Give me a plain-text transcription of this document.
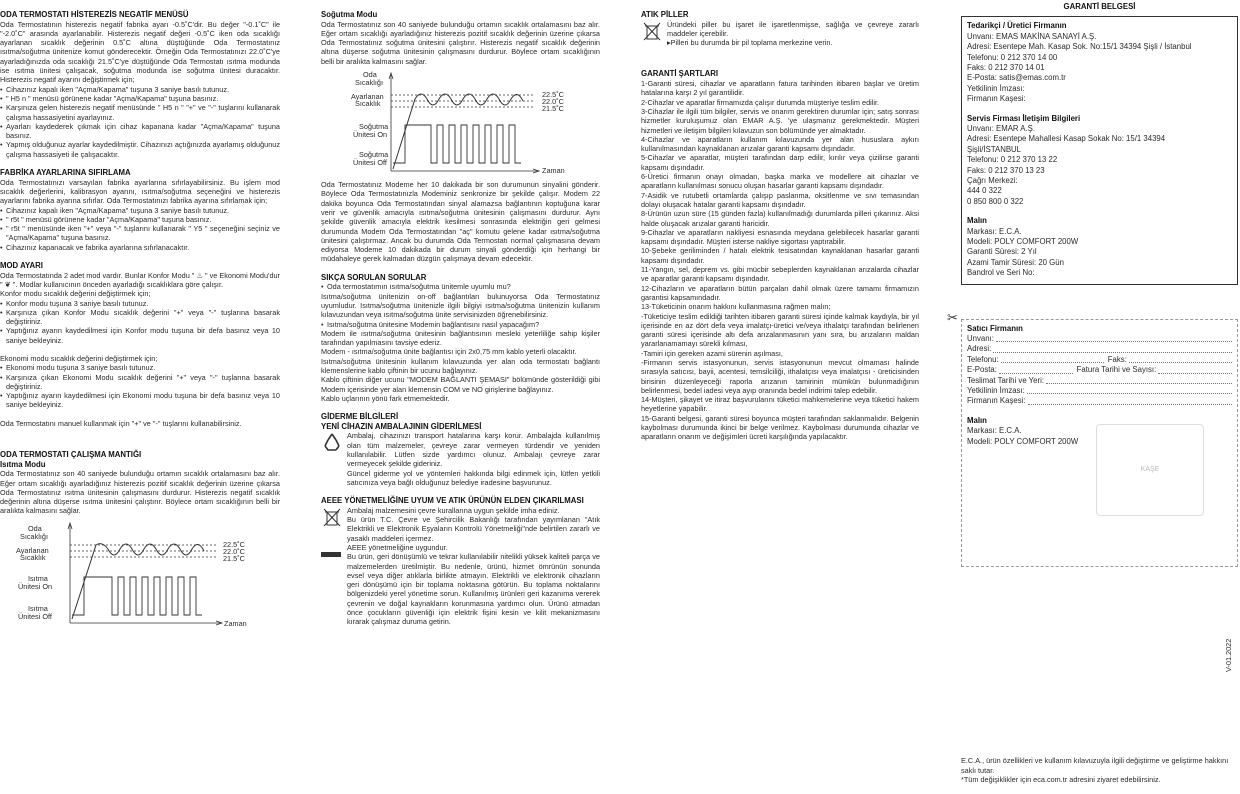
ODA TERMOSTATI HİSTEREZİS NEGATİF MENÜSÜ
Oda Termostatının histerezis negatif fabrika ayarı -0.5˚C'dir. Bu değer "-0.1˚C" ile "-2.0˚C" arasında ayarlanabilir. Histerezis negatif değeri -0.5˚C iken oda sıcaklığı ayarlanan sıcaklık değerinin 0.5˚C altına düştüğünde Oda Termostatınız ısıtma/soğutma ünitenize komut gönderecektir. Örneğin Oda Termostatınızı 22.0˚C'ye ayarladığınızda oda sıcaklığı 21.5˚C'ye düştüğünde Oda Termostatı ısıtma modunda ise ısıtma ünitesi çalışacak, soğutma modunda ise soğutma ünitesi duracaktır. Histerezis negatif ayarını değiştirmek için;
• Cihazınız kapalı iken "Açma/Kapama" tuşuna 3 saniye basılı tutunuz.
• " H5 n " menüsü görünene kadar "Açma/Kapama" tuşuna basınız.
• Karşınıza gelen histerezis negatif menüsünde " H5 n " "+" ve "-" tuşlarını kullanarak çalışma hassasiyetini ayarlayınız.
• Ayarları kaydederek çıkmak için cihaz kapanana kadar "Açma/Kapama" tuşuna basınız.
• Yapmış olduğunuz ayarlar kaydedilmiştir. Cihazınızı açtığınızda ayarlamış olduğunuz çalışma hassasiyeti ile çalışacaktır.
FABRİKA AYARLARINA SIFIRLAMA
Oda Termostatınızı varsayılan fabrika ayarlarına sıfırlayabilirsiniz. Bu işlem mod sıcaklık değerlerini, kalibrasyon ayarını, ısıtma/soğutma seçeneğini ve histerezis ayarlarını fabrika ayarına sıfırlar. Oda Termostatınızı fabrika ayarına sıfırlamak için;
• Cihazınız kapalı iken "Açma/Kapama" tuşuna 3 saniye basılı tutunuz.
• " r5t " menüsü görünene kadar "Açma/Kapama" tuşuna basınız.
• " r5t " menüsünde iken "+" veya "-" tuşlarını kullanarak " Y5 " seçeneğini seçiniz ve "Açma/Kapama" tuşuna basınız.
• Cihazınız kapanacak ve fabrika ayarlarına sıfırlanacaktır.
MOD AYARI
Oda Termostatında 2 adet mod vardır. Bunlar Konfor Modu " ♨ " ve Ekonomi Modu'dur " ❦ ". Modlar kullanıcının önceden ayarladığı sıcaklıklara göre çalışır.
Konfor modu sıcaklık değerini değiştirmek için;
• Konfor modu tuşuna 3 saniye basılı tutunuz.
• Karşınıza çıkan Konfor Modu sıcaklık değerini "+" veya "-" tuşlarına basarak değiştiriniz.
• Yaptığınız ayarın kaydedilmesi için Konfor modu tuşuna bir defa basınız veya 10 saniye bekleyiniz.
Ekonomi modu sıcaklık değerini değiştirmek için;
• Ekonomi modu tuşuna 3 saniye basılı tutunuz.
• Karşınıza çıkan Ekonomi Modu sıcaklık değerini "+" veya "-" tuşlarına basarak değiştiriniz.
• Yaptığınız ayarın kaydedilmesi için Ekonomi modu tuşuna bir defa basınız veya 10 saniye bekleyiniz.
Oda Termostatını manuel kullanmak için "+" ve "-" tuşlarını kullanabilirsiniz.
ODA TERMOSTATI ÇALIŞMA MANTIĞI
Isıtma Modu
Oda Termostatınız son 40 saniyede bulunduğu ortamın sıcaklık ortalamasını baz alır. Eğer ortam sıcaklığı ayarladığınız histerezis pozitif sıcaklık değerinin üzerine çıkarsa Oda Termostatınız ısıtma ünitesinin çalışmasını durdurur. Histerezis negatif sıcaklık değerinin altına düşerse ısıtma ünitesini çalıştırır. Böylece ortam sıcaklığının belli bir aralıkta kalmasını sağlar.
Oda
Sıcaklığı
Ayarlanan
Sıcaklık
22.5˚C
22.0˚C
21.5˚C
Isıtma
Ünitesi On
Isıtma
Ünitesi Off
Zaman
Soğutma Modu
Oda Termostatınız son 40 saniyede bulunduğu ortamın sıcaklık ortalamasını baz alır. Eğer ortam sıcaklığı ayarladığınız histerezis pozitif sıcaklık değerinin üzerine çıkarsa Oda Termostatınız soğutma ünitesini çalıştırır. Histerezis negatif sıcaklık değerinin altına düşerse soğutma ünitesinin çalışmasını durdurur. Böylece ortam sıcaklığının belli bir aralıkta kalmasını sağlar.
Oda
Sıcaklığı
Ayarlanan
Sıcaklık
22.5˚C
22.0˚C
21.5˚C
Soğutma
Ünitesi On
Soğutma
Ünitesi Off
Zaman
Oda Termostatınız Modeme her 10 dakikada bir son durumunun sinyalini gönderir. Böylece Oda Termostatınızla Modeminiz senkronize bir şekilde çalışır. Modem 22 dakika boyunca Oda Termostatından sinyal alamazsa bağlantının koptuğuna karar verir ve güvenlik amacıyla ısıtma/soğutma ünitesinin çalışmasını durdurur. Aynı şekilde güvenlik amacıyla elektrik kesilmesi sonrasında elektriğin geri gelmesi durumunda Modem Oda Termostatından "aç" komutu gelene kadar ısıtma/soğutma ünitesini çalıştırmaz. Ancak bu durumda Oda Termostatı normal çalışmasına devam ediyorsa Modeme 10 dakikada bir durum sinyali gönderdiği için herhangi bir müdahaleye gerek kalmadan düzgün çalışmaya devam edecektir.
SIKÇA SORULAN SORULAR
• Oda termostatımın ısıtma/soğutma ünitemle uyumlu mu?
Isıtma/soğutma ünitenizin on-off bağlantıları bulunuyorsa Oda Termostatınız uyumludur. Isıtma/soğutma ünitenizle ilgili bilgiyi ısıtma/soğutma ünitenizin kullanım kılavuzundan veya ısıtma/soğutma ünite servisinizden öğrenebilirsiniz.
• Isıtma/soğutma ünitesine Modemin bağlantısını nasıl yapacağım?
Modem ile ısıtma/soğutma ünitesinin bağlantısının mesleki yeterliliğe sahip kişiler tarafından yapılmasını tavsiye ederiz.
Modem - ısıtma/soğutma ünite bağlantısı için 2x0,75 mm kablo yeterli olacaktır.
Isıtma/soğutma ünitesinin kullanım kılavuzunda yer alan oda termostatı bağlantı klemenslerine kablo çiftinin bir ucunu bağlayınız.
Kablo çiftinin diğer ucunu "MODEM BAĞLANTI ŞEMASI" bölümünde gösterildiği gibi Modem içerisinde yer alan klemensin COM ve NO girişlerine bağlayınız.
Kablo uçlarının yönü fark etmemektedir.
GİDERME BİLGİLERİ
YENİ CİHAZIN AMBALAJININ GİDERİLMESİ
Ambalaj, cihazınızı transport hatalarına karşı korur. Ambalajda kullanılmış olan tüm malzemeler, çevreye zarar vermeyen türdendir ve yeniden kullanılabilir. Lütfen sizde yardımcı olunuz. Ambalajı çevreye zarar vermeyecek şekilde gideriniz.
Güncel giderme yol ve yöntemleri hakkında bilgi edinmek için, lütfen yetkili satıcınıza veya bağlı olduğunuz belediye iradesine başvurunuz.
AEEE YÖNETMELİĞİNE UYUM VE ATIK ÜRÜNÜN ELDEN ÇIKARILMASI
Ambalaj malzemesini çevre kurallarına uygun şekilde imha ediniz.
Bu ürün T.C. Çevre ve Şehircilik Bakanlığı tarafından yayımlanan "Atık Elektrikli ve Elektronik Eşyaların Kontrolü Yönetmeliği"nde belirtilen zararlı ve yasaklı maddeleri içermez.
AEEE yönetmeliğine uygundur.
Bu ürün, geri dönüşümlü ve tekrar kullanılabilir nitelikli yüksek kaliteli parça ve malzemelerden üretilmiştir. Bu nedenle, ürünü, hizmet ömrünün sonunda evsel veya diğer atıklarla birlikte atmayın. Elektrikli ve elektronik cihazların geri dönüşümü için bir toplama noktasına götürün. Bu toplama noktalarını bölgenizdeki yerel yönetime sorun. Kullanılmış ürünleri geri kazanıma vererek çevrenin ve doğal kaynakların korunmasına yardımcı olun. Ürünü atmadan önce çocukların güvenliği için elektrik fişini kesin ve kilit mekanizmasını kırarak çalışmaz duruma getirin.
ATIK PİLLER
Üründeki piller bu işaret ile işaretlenmişse, sağlığa ve çevreye zararlı maddeler içerebilir.
▸Pilleri bu durumda bir pil toplama merkezine verin.
GARANTİ ŞARTLARI
1-Garanti süresi, cihazlar ve aparatların fatura tarihinden itibaren başlar ve üretim hatalarına karşı 2 yıl garantilidir.
2-Cihazlar ve aparatlar firmamızda çalışır durumda müşteriye teslim edilir.
3-Cihazlar ile ilgili tüm bilgiler, servis ve onarım gerektiren durumlar için; satış sonrası hizmetler kuruluşumuz olan EMAR A.Ş. 'ye ulaşmanız gerekmektedir. Müşteri hizmetleri ve iletişim bilgileri kılavuzun son bölümünde yer almaktadır.
4-Cihazlar ve aparatların kullanım kılavuzunda yer alan hususlara aykırı kullanılmasından kaynaklanan arızalar garanti kapsamı dışındadır.
5-Cihazlar ve aparatlar, müşteri tarafından darp edilir, kırılır veya çizilirse garanti kapsamı dışındadır.
6-Üretici firmanın onayı olmadan, başka marka ve modellere ait cihazlar ve aparatların kullanılması sonucu oluşan hasarlar garanti kapsamı dışındadır.
7-Asidik ve rutubetli ortamlarda çalışıp paslanma, oksitlenme ve sıvı temasından dolayı oluşacak hatalar garanti kapsamı dışındadır.
8-Ürünün uzun süre (15 günden fazla) kullanılmadığı durumlarda pilleri çıkarınız. Aksi halde oluşacak arızalar garanti haricidir.
9-Cihazlar ve aparatların nakliyesi esnasında meydana gelebilecek hasarlar garanti kapsamı dışındadır. Müşteri isterse nakliye sigortası yaptırabilir.
10-Şebeke geriliminden / hatalı elektrik tesisatından kaynaklanan hasarlar garanti kapsamı dışındadır.
11-Yangın, sel, deprem vs. gibi mücbir sebeplerden kaynaklanan arızalarda cihazlar ve aparatlar garanti kapsamı dışındadır.
12-Cihazların ve aparatların bütün parçaları dahil olmak üzere tamamı firmamızın garantisi kapsamındadır.
13-Tüketicinin onarım hakkını kullanmasına rağmen malın;
-Tüketiciye teslim edildiği tarihten itibaren garanti süresi içinde kalmak kaydıyla, bir yıl içerisinde en az dört defa veya imalatçı-üretici ve/veya ithalatçı tarafından belirlenen garanti süresi içerisinde altı defa arızalanmasının yanı sıra, bu arızaların maldan yararlanamamayı sürekli kılması,
-Tamiri için gereken azami sürenin aşılması,
-Firmanın servis istasyonunun, servis istasyonunun mevcut olmaması halinde sırasıyla satıcısı, bayii, acentesi, temsilciliği, ithalatçısı veya imalatçısı - üreticisinden birisinin düzenleyeceği raporla arızanın tamirinin mümkün bulunmadığının belirlenmesi, bedel iadesi veya ayıp oranında bedel indirimi talep edebilir.
14-Müşteri, şikayet ve itiraz başvurularını tüketici mahkemelerine veya tüketici hakem heyetlerine yapabilir.
15-Garanti belgesi, garanti süresi boyunca müşteri tarafından saklanmalıdır. Belgenin kaybolması durumunda ikinci bir belge verilmez. Kaybolması durumunda cihazlar ve aparatların onarım ve değişimleri ücreti karşılığında yapılacaktır.
GARANTİ BELGESİ
Tedarikçi / Üretici Firmanın
Unvanı: EMAS MAKİNA SANAYİ A.Ş.
Adresi: Esentepe Mah. Kasap Sok. No:15/1 34394 Şişli / İstanbul
Telefonu: 0 212 370 14 00
Faks: 0 212 370 14 01
E-Posta: satis@emas.com.tr
Yetkilinin İmzası:
Firmanın Kaşesi:
Servis Firması İletişim Bilgileri
Unvanı: EMAR A.Ş.
Adresi: Esentepe Mahallesi Kasap Sokak No: 15/1 34394
Şişli/İSTANBUL
Telefonu: 0 212 370 13 22
Faks: 0 212 370 13 23
Çağrı Merkezi:
444 0 322
0 850 800 0 322
Malın
Markası: E.C.A.
Modeli: POLY COMFORT 200W
Garanti Süresi: 2 Yıl
Azami Tamir Süresi: 20 Gün
Bandrol ve Seri No:
✂
Satıcı Firmanın
Unvanı:
Adresi:
Telefonu:	Faks:
E-Posta:	Fatura Tarihi ve Sayısı:
Teslimat Tarihi ve Yeri:
Yetkilinin İmzası:
Firmanın Kaşesi:
Malın
Markası: E.C.A.
Modeli: POLY COMFORT 200W
KAŞE
V-01.2022
E.C.A., ürün özellikleri ve kullanım kılavuzuyla ilgili değiştirme ve geliştirme hakkını saklı tutar.
*Tüm değişiklikler için eca.com.tr adresini ziyaret edebilirsiniz.
